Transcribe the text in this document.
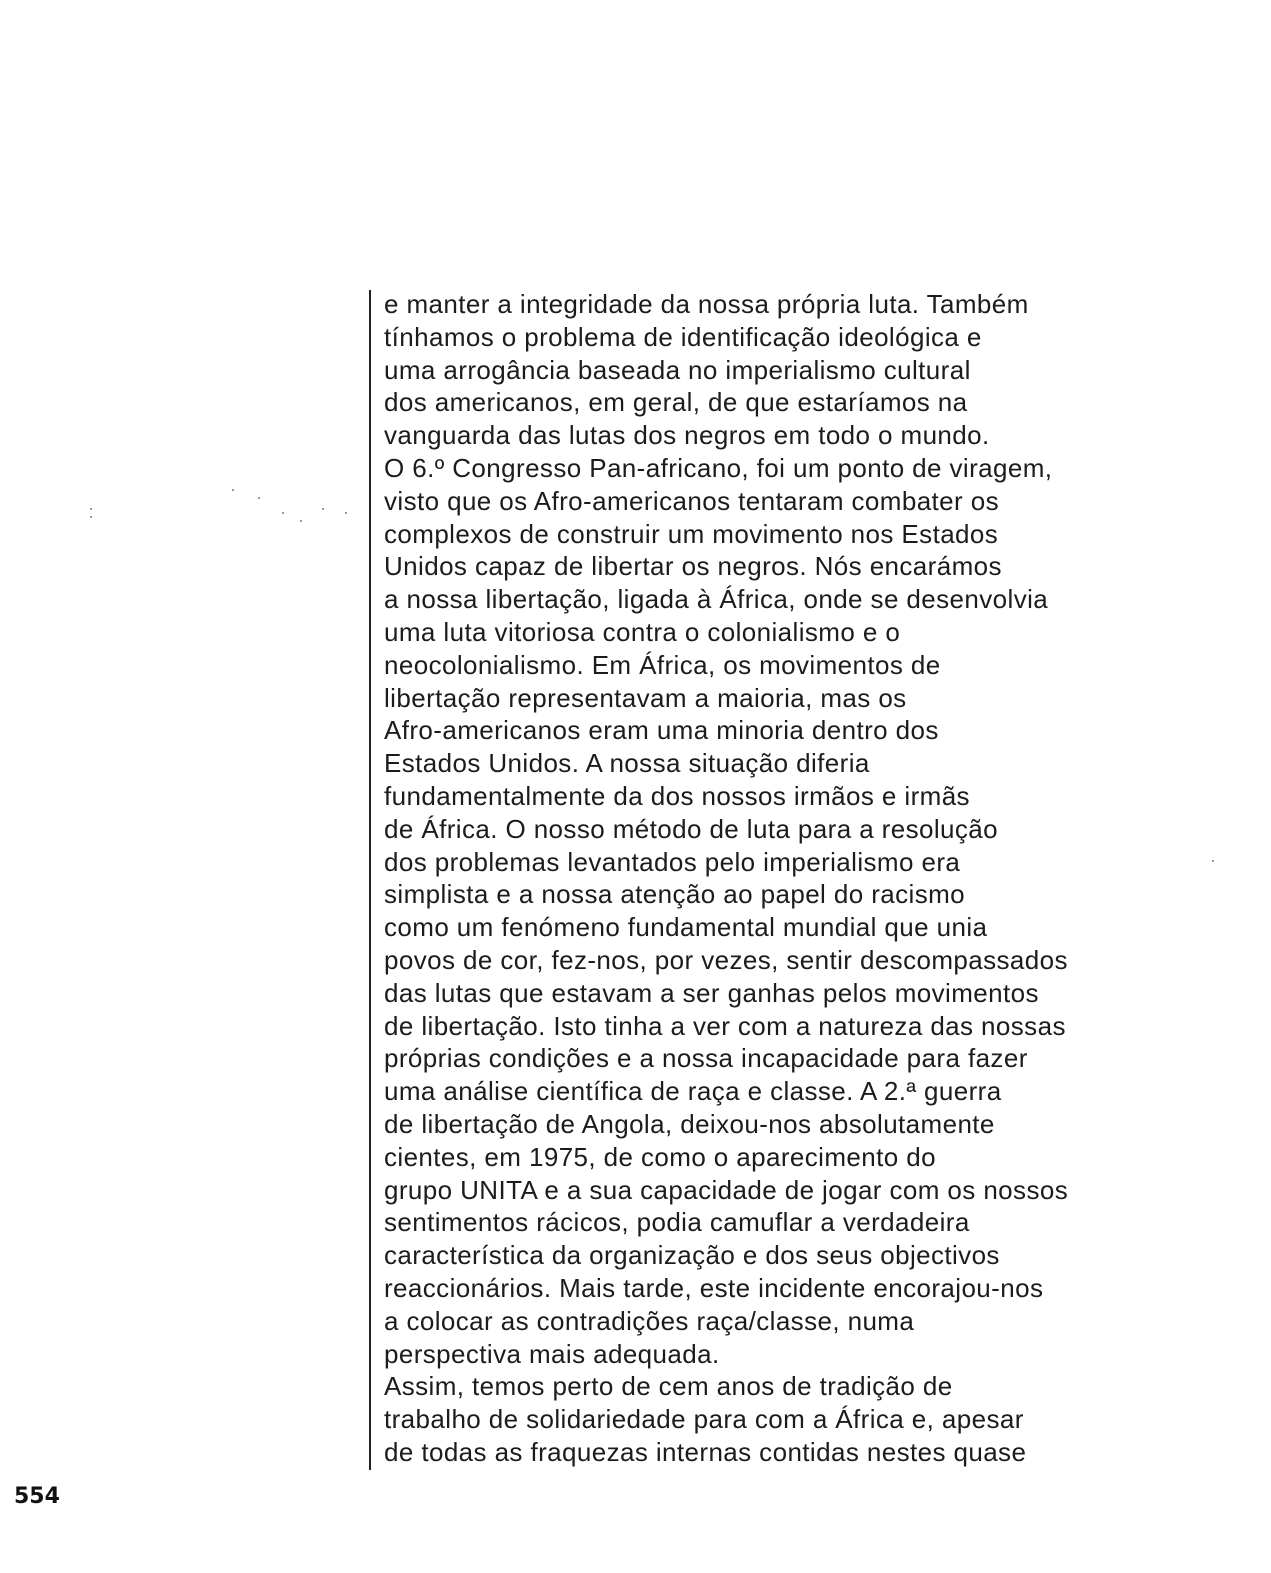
e manter a integridade da nossa própria luta. Também
tínhamos o problema de identificação ideológica e
uma arrogância baseada no imperialismo cultural
dos americanos, em geral, de que estaríamos na
vanguarda das lutas dos negros em todo o mundo.
O 6.º Congresso Pan-africano, foi um ponto de viragem,
visto que os Afro-americanos tentaram combater os
complexos de construir um movimento nos Estados
Unidos capaz de libertar os negros. Nós encarámos
a nossa libertação, ligada à África, onde se desenvolvia
uma luta vitoriosa contra o colonialismo e o
neocolonialismo. Em África, os movimentos de
libertação representavam a maioria, mas os
Afro-americanos eram uma minoria dentro dos
Estados Unidos. A nossa situação diferia
fundamentalmente da dos nossos irmãos e irmãs
de África. O nosso método de luta para a resolução
dos problemas levantados pelo imperialismo era
simplista e a nossa atenção ao papel do racismo
como um fenómeno fundamental mundial que unia
povos de cor, fez-nos, por vezes, sentir descompassados
das lutas que estavam a ser ganhas pelos movimentos
de libertação. Isto tinha a ver com a natureza das nossas
próprias condições e a nossa incapacidade para fazer
uma análise científica de raça e classe. A 2.ª guerra
de libertação de Angola, deixou-nos absolutamente
cientes, em 1975, de como o aparecimento do
grupo UNITA e a sua capacidade de jogar com os nossos
sentimentos rácicos, podia camuflar a verdadeira
característica da organização e dos seus objectivos
reaccionários. Mais tarde, este incidente encorajou-nos
a colocar as contradições raça/classe, numa
perspectiva mais adequada.
Assim, temos perto de cem anos de tradição de
trabalho de solidariedade para com a África e, apesar
de todas as fraquezas internas contidas nestes quase
554
